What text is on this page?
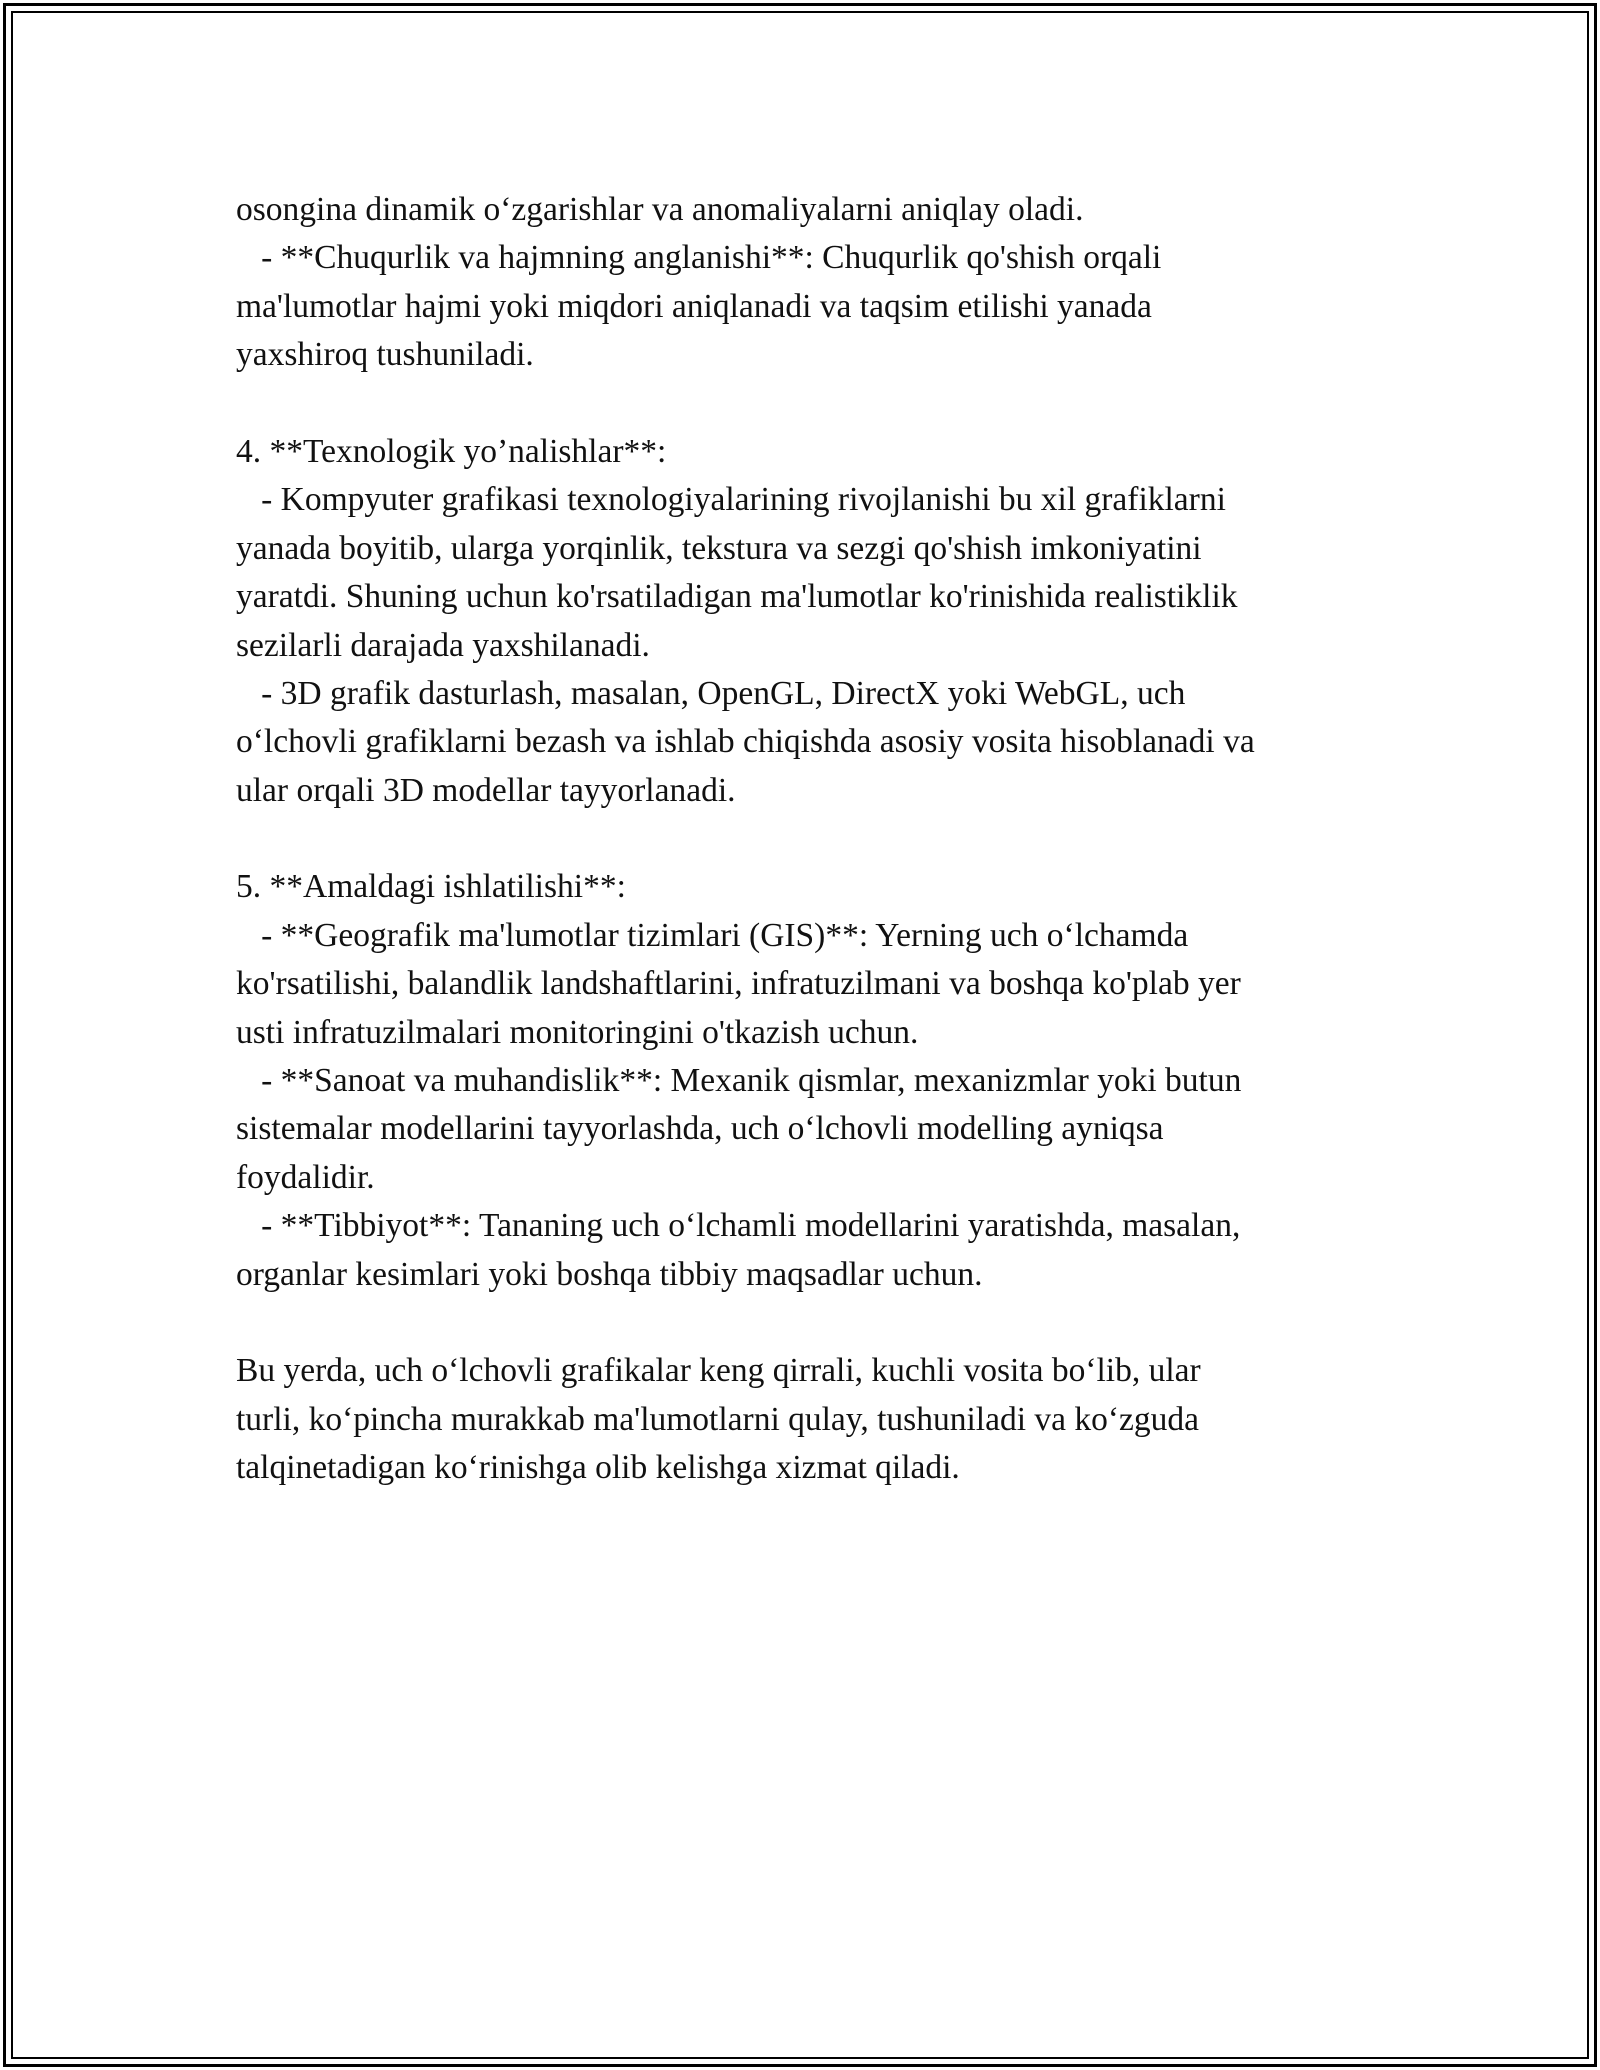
osongina dinamik o‘zgarishlar va anomaliyalarni aniqlay oladi.
- **Chuqurlik va hajmning anglanishi**: Chuqurlik qo'shish orqali
ma'lumotlar hajmi yoki miqdori aniqlanadi va taqsim etilishi yanada
yaxshiroq tushuniladi.
4. **Texnologik yo’nalishlar**:
- Kompyuter grafikasi texnologiyalarining rivojlanishi bu xil grafiklarni
yanada boyitib, ularga yorqinlik, tekstura va sezgi qo'shish imkoniyatini
yaratdi. Shuning uchun ko'rsatiladigan ma'lumotlar ko'rinishida realistiklik
sezilarli darajada yaxshilanadi.
- 3D grafik dasturlash, masalan, OpenGL, DirectX yoki WebGL, uch
o‘lchovli grafiklarni bezash va ishlab chiqishda asosiy vosita hisoblanadi va
ular orqali 3D modellar tayyorlanadi.
5. **Amaldagi ishlatilishi**:
- **Geografik ma'lumotlar tizimlari (GIS)**: Yerning uch o‘lchamda
ko'rsatilishi, balandlik landshaftlarini, infratuzilmani va boshqa ko'plab yer
usti infratuzilmalari monitoringini o'tkazish uchun.
- **Sanoat va muhandislik**: Mexanik qismlar, mexanizmlar yoki butun
sistemalar modellarini tayyorlashda, uch o‘lchovli modelling ayniqsa
foydalidir.
- **Tibbiyot**: Tananing uch o‘lchamli modellarini yaratishda, masalan,
organlar kesimlari yoki boshqa tibbiy maqsadlar uchun.
Bu yerda, uch o‘lchovli grafikalar keng qirrali, kuchli vosita bo‘lib, ular
turli, ko‘pincha murakkab ma'lumotlarni qulay, tushuniladi va ko‘zguda
talqinetadigan ko‘rinishga olib kelishga xizmat qiladi.
